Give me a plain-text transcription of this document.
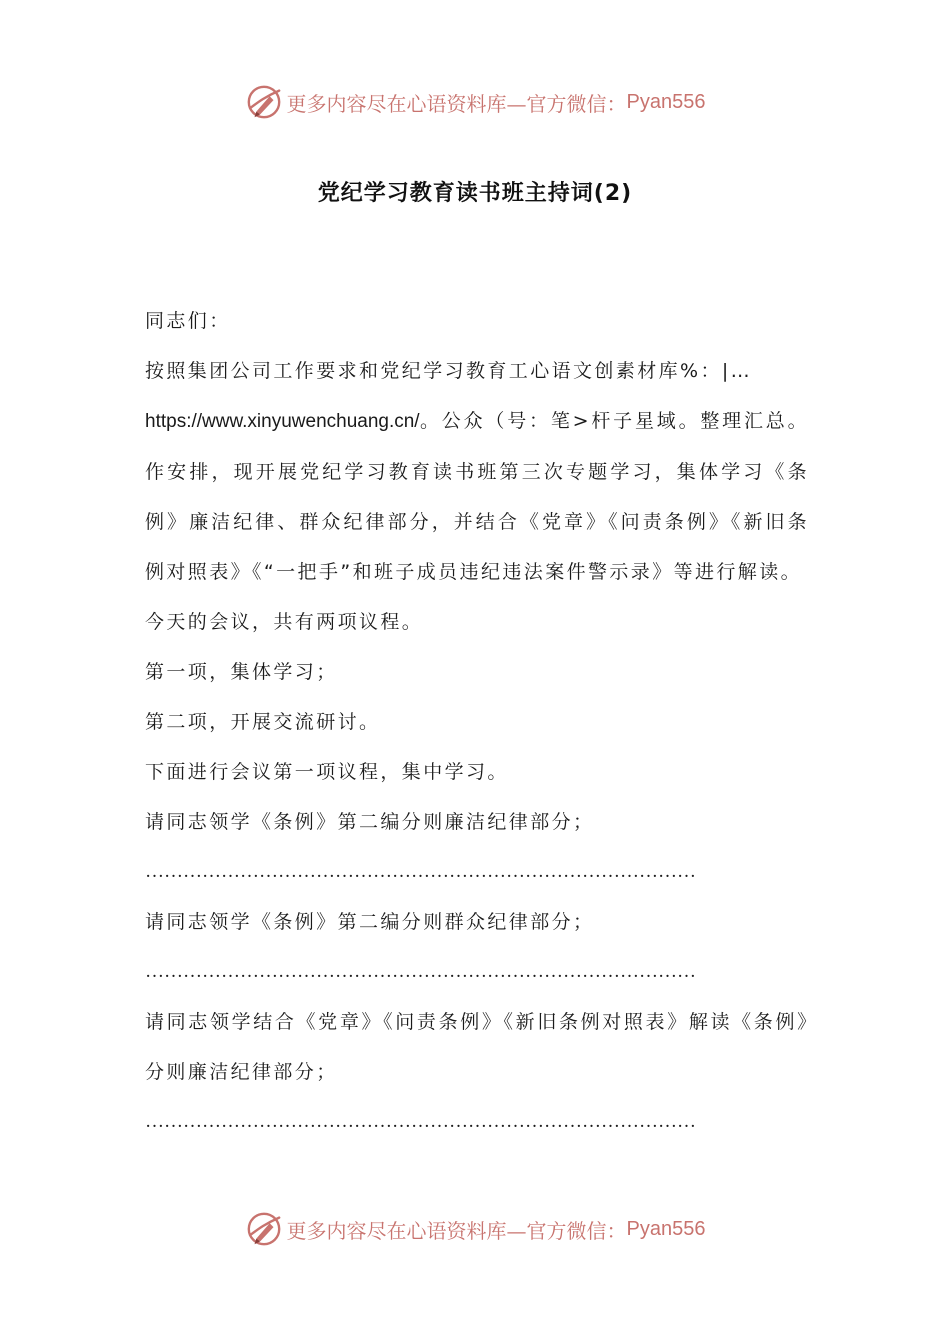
更多内容尽在心语资料库—官方微信： Pyan556
党纪学习教育读书班主持词(2)

同志们：

按照集团公司工作要求和党纪学习教育工心语文创素材库%：|…
https://www.xinyuwenchuang.cn/。公众（号：笔>杆子星域。整理汇总。作安排，现开展党纪学习教育读书班第三次专题学习，集体学习《条例》廉洁纪律、群众纪律部分，并结合《党章》《问责条例》《新旧条例对照表》《“一把手”和班子成员违纪违法案件警示录》等进行解读。

今天的会议，共有两项议程。

第一项，集体学习；

第二项，开展交流研讨。

下面进行会议第一项议程，集中学习。

请同志领学《条例》第二编分则廉洁纪律部分；

……………………………………………………………………………

请同志领学《条例》第二编分则群众纪律部分；

……………………………………………………………………………

请同志领学结合《党章》《问责条例》《新旧条例对照表》解读《条例》分则廉洁纪律部分；

……………………………………………………………………………

更多内容尽在心语资料库—官方微信： Pyan556
